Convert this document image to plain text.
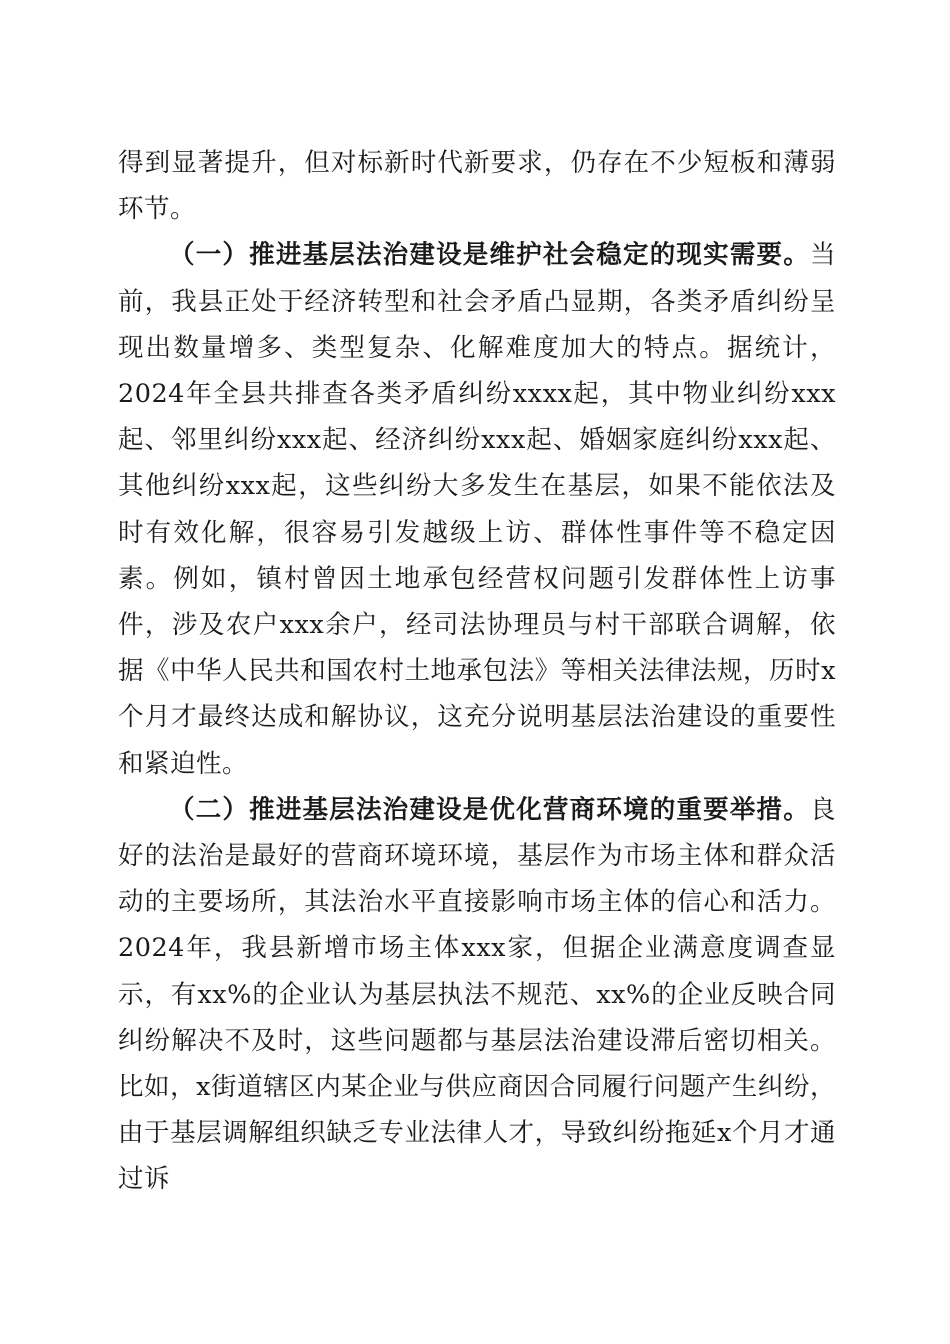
得到显著提升，但对标新时代新要求，仍存在不少短板和薄弱环节。

（一）推进基层法治建设是维护社会稳定的现实需要。当前，我县正处于经济转型和社会矛盾凸显期，各类矛盾纠纷呈现出数量增多、类型复杂、化解难度加大的特点。据统计，2024年全县共排查各类矛盾纠纷xxxx起，其中物业纠纷xxx起、邻里纠纷xxx起、经济纠纷xxx起、婚姻家庭纠纷xxx起、其他纠纷xxx起，这些纠纷大多发生在基层，如果不能依法及时有效化解，很容易引发越级上访、群体性事件等不稳定因素。例如，镇村曾因土地承包经营权问题引发群体性上访事件，涉及农户xxx余户，经司法协理员与村干部联合调解，依据《中华人民共和国农村土地承包法》等相关法律法规，历时x个月才最终达成和解协议，这充分说明基层法治建设的重要性和紧迫性。

（二）推进基层法治建设是优化营商环境的重要举措。良好的法治是最好的营商环境环境，基层作为市场主体和群众活动的主要场所，其法治水平直接影响市场主体的信心和活力。2024年，我县新增市场主体xxx家，但据企业满意度调查显示，有xx%的企业认为基层执法不规范、xx%的企业反映合同纠纷解决不及时，这些问题都与基层法治建设滞后密切相关。比如，x街道辖区内某企业与供应商因合同履行问题产生纠纷，由于基层调解组织缺乏专业法律人才，导致纠纷拖延x个月才通过诉
